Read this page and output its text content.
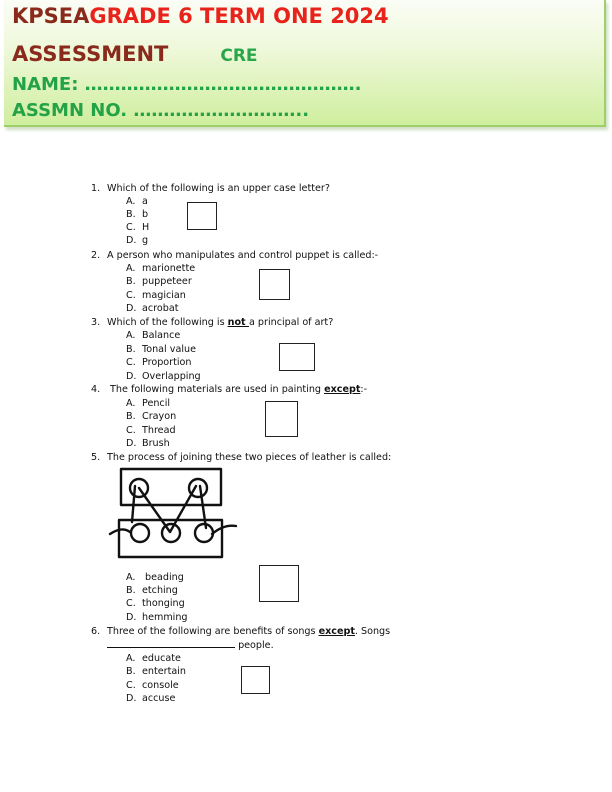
KPSEAGRADE 6 TERM ONE 2024
ASSESSMENT	CRE
NAME: ……………………………………….
ASSMN NO. ………………………..
1. Which of the following is an upper case letter?
A. a
B. b
C. H
D. g
2. A person who manipulates and control puppet is called:-
A. marionette
B. puppeteer
C. magician
D. acrobat
3. Which of the following is not a principal of art?
A. Balance
B. Tonal value
C. Proportion
D. Overlapping
4. The following materials are used in painting except:-
A. Pencil
B. Crayon
C. Thread
D. Brush
5. The process of joining these two pieces of leather is called:
A. beading
B. etching
C. thonging
D. hemming
6. Three of the following are benefits of songs except. Songs
people.
A. educate
B. entertain
C. console
D. accuse
